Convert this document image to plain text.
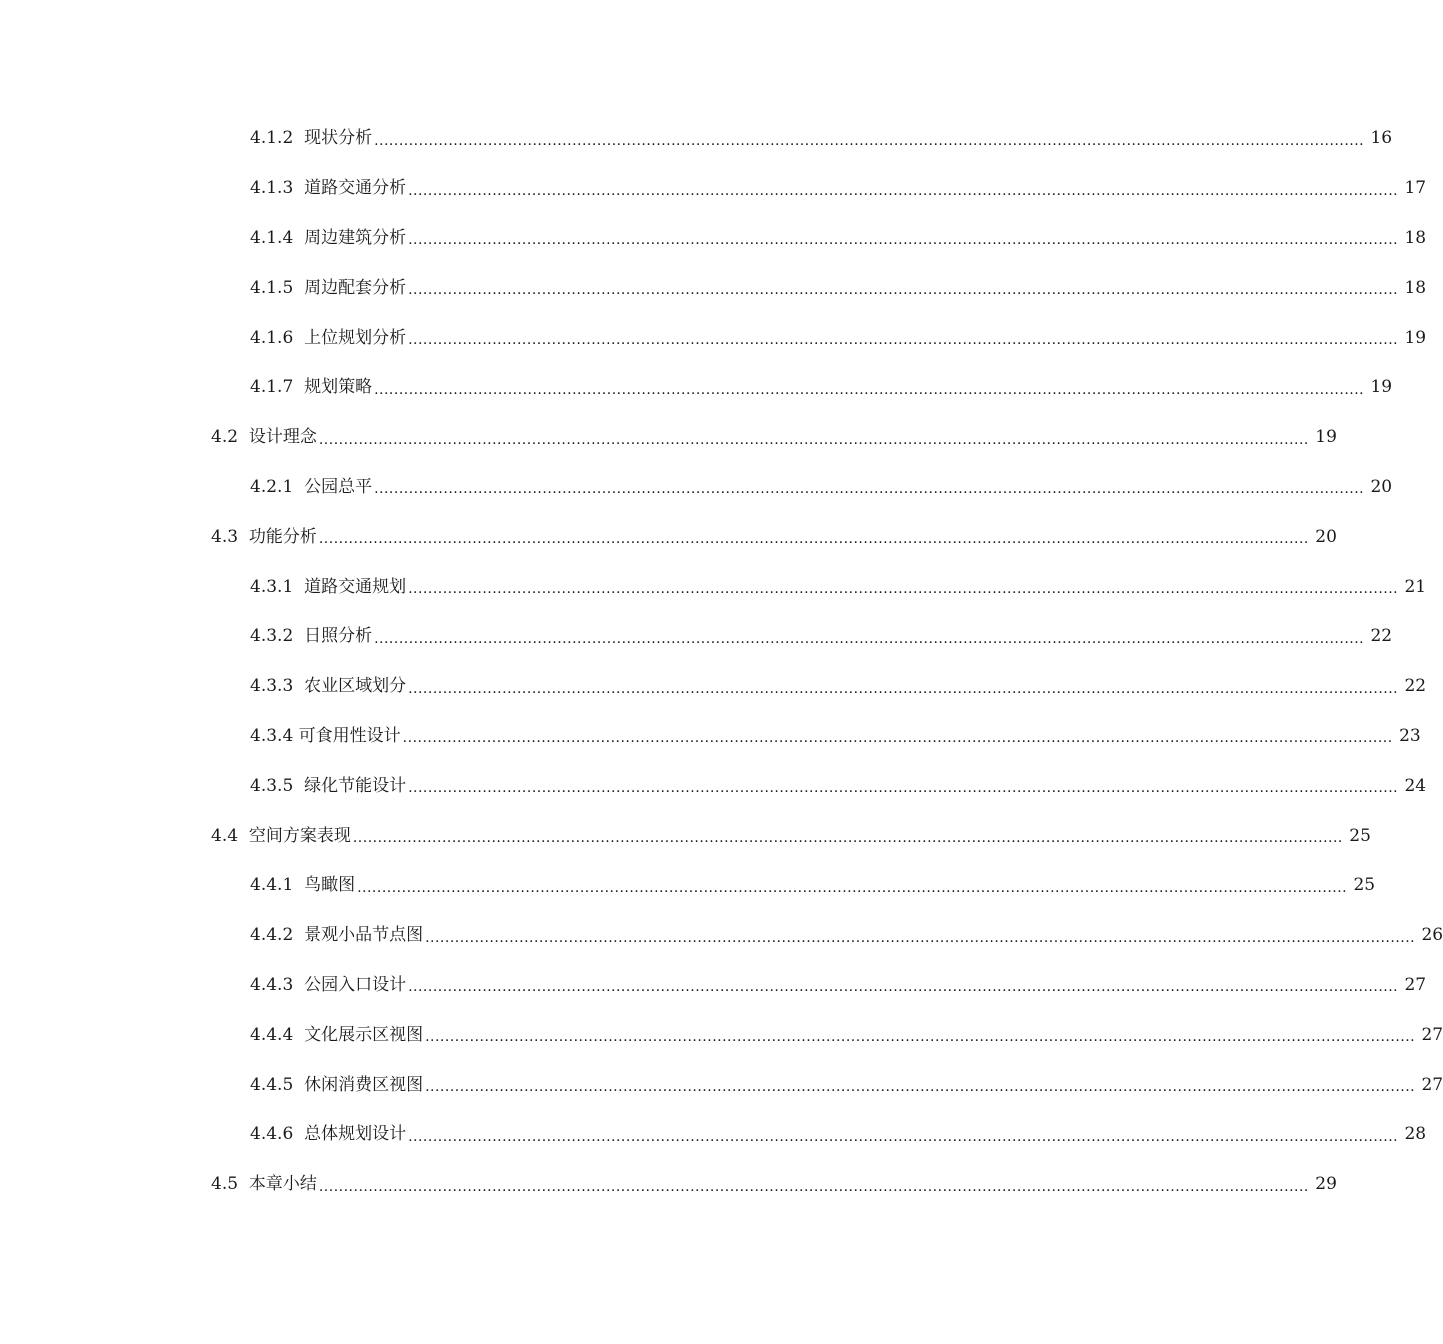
4.1.2  现状分析 ........................................................................................................................................................................................................ 16
4.1.3  道路交通分析 ........................................................................................................................................................................................................ 17
4.1.4  周边建筑分析 ........................................................................................................................................................................................................ 18
4.1.5  周边配套分析 ........................................................................................................................................................................................................ 18
4.1.6  上位规划分析 ........................................................................................................................................................................................................ 19
4.1.7  规划策略 ........................................................................................................................................................................................................ 19
4.2  设计理念 ........................................................................................................................................................................................................ 19
4.2.1  公园总平 ........................................................................................................................................................................................................ 20
4.3  功能分析 ........................................................................................................................................................................................................ 20
4.3.1  道路交通规划 ........................................................................................................................................................................................................ 21
4.3.2  日照分析 ........................................................................................................................................................................................................ 22
4.3.3  农业区域划分 ........................................................................................................................................................................................................ 22
4.3.4 可食用性设计 ........................................................................................................................................................................................................ 23
4.3.5  绿化节能设计 ........................................................................................................................................................................................................ 24
4.4  空间方案表现 ........................................................................................................................................................................................................ 25
4.4.1  鸟瞰图 ........................................................................................................................................................................................................ 25
4.4.2  景观小品节点图 ........................................................................................................................................................................................................ 26
4.4.3  公园入口设计 ........................................................................................................................................................................................................ 27
4.4.4  文化展示区视图 ........................................................................................................................................................................................................ 27
4.4.5  休闲消费区视图 ........................................................................................................................................................................................................ 27
4.4.6  总体规划设计 ........................................................................................................................................................................................................ 28
4.5  本章小结 ........................................................................................................................................................................................................ 29
